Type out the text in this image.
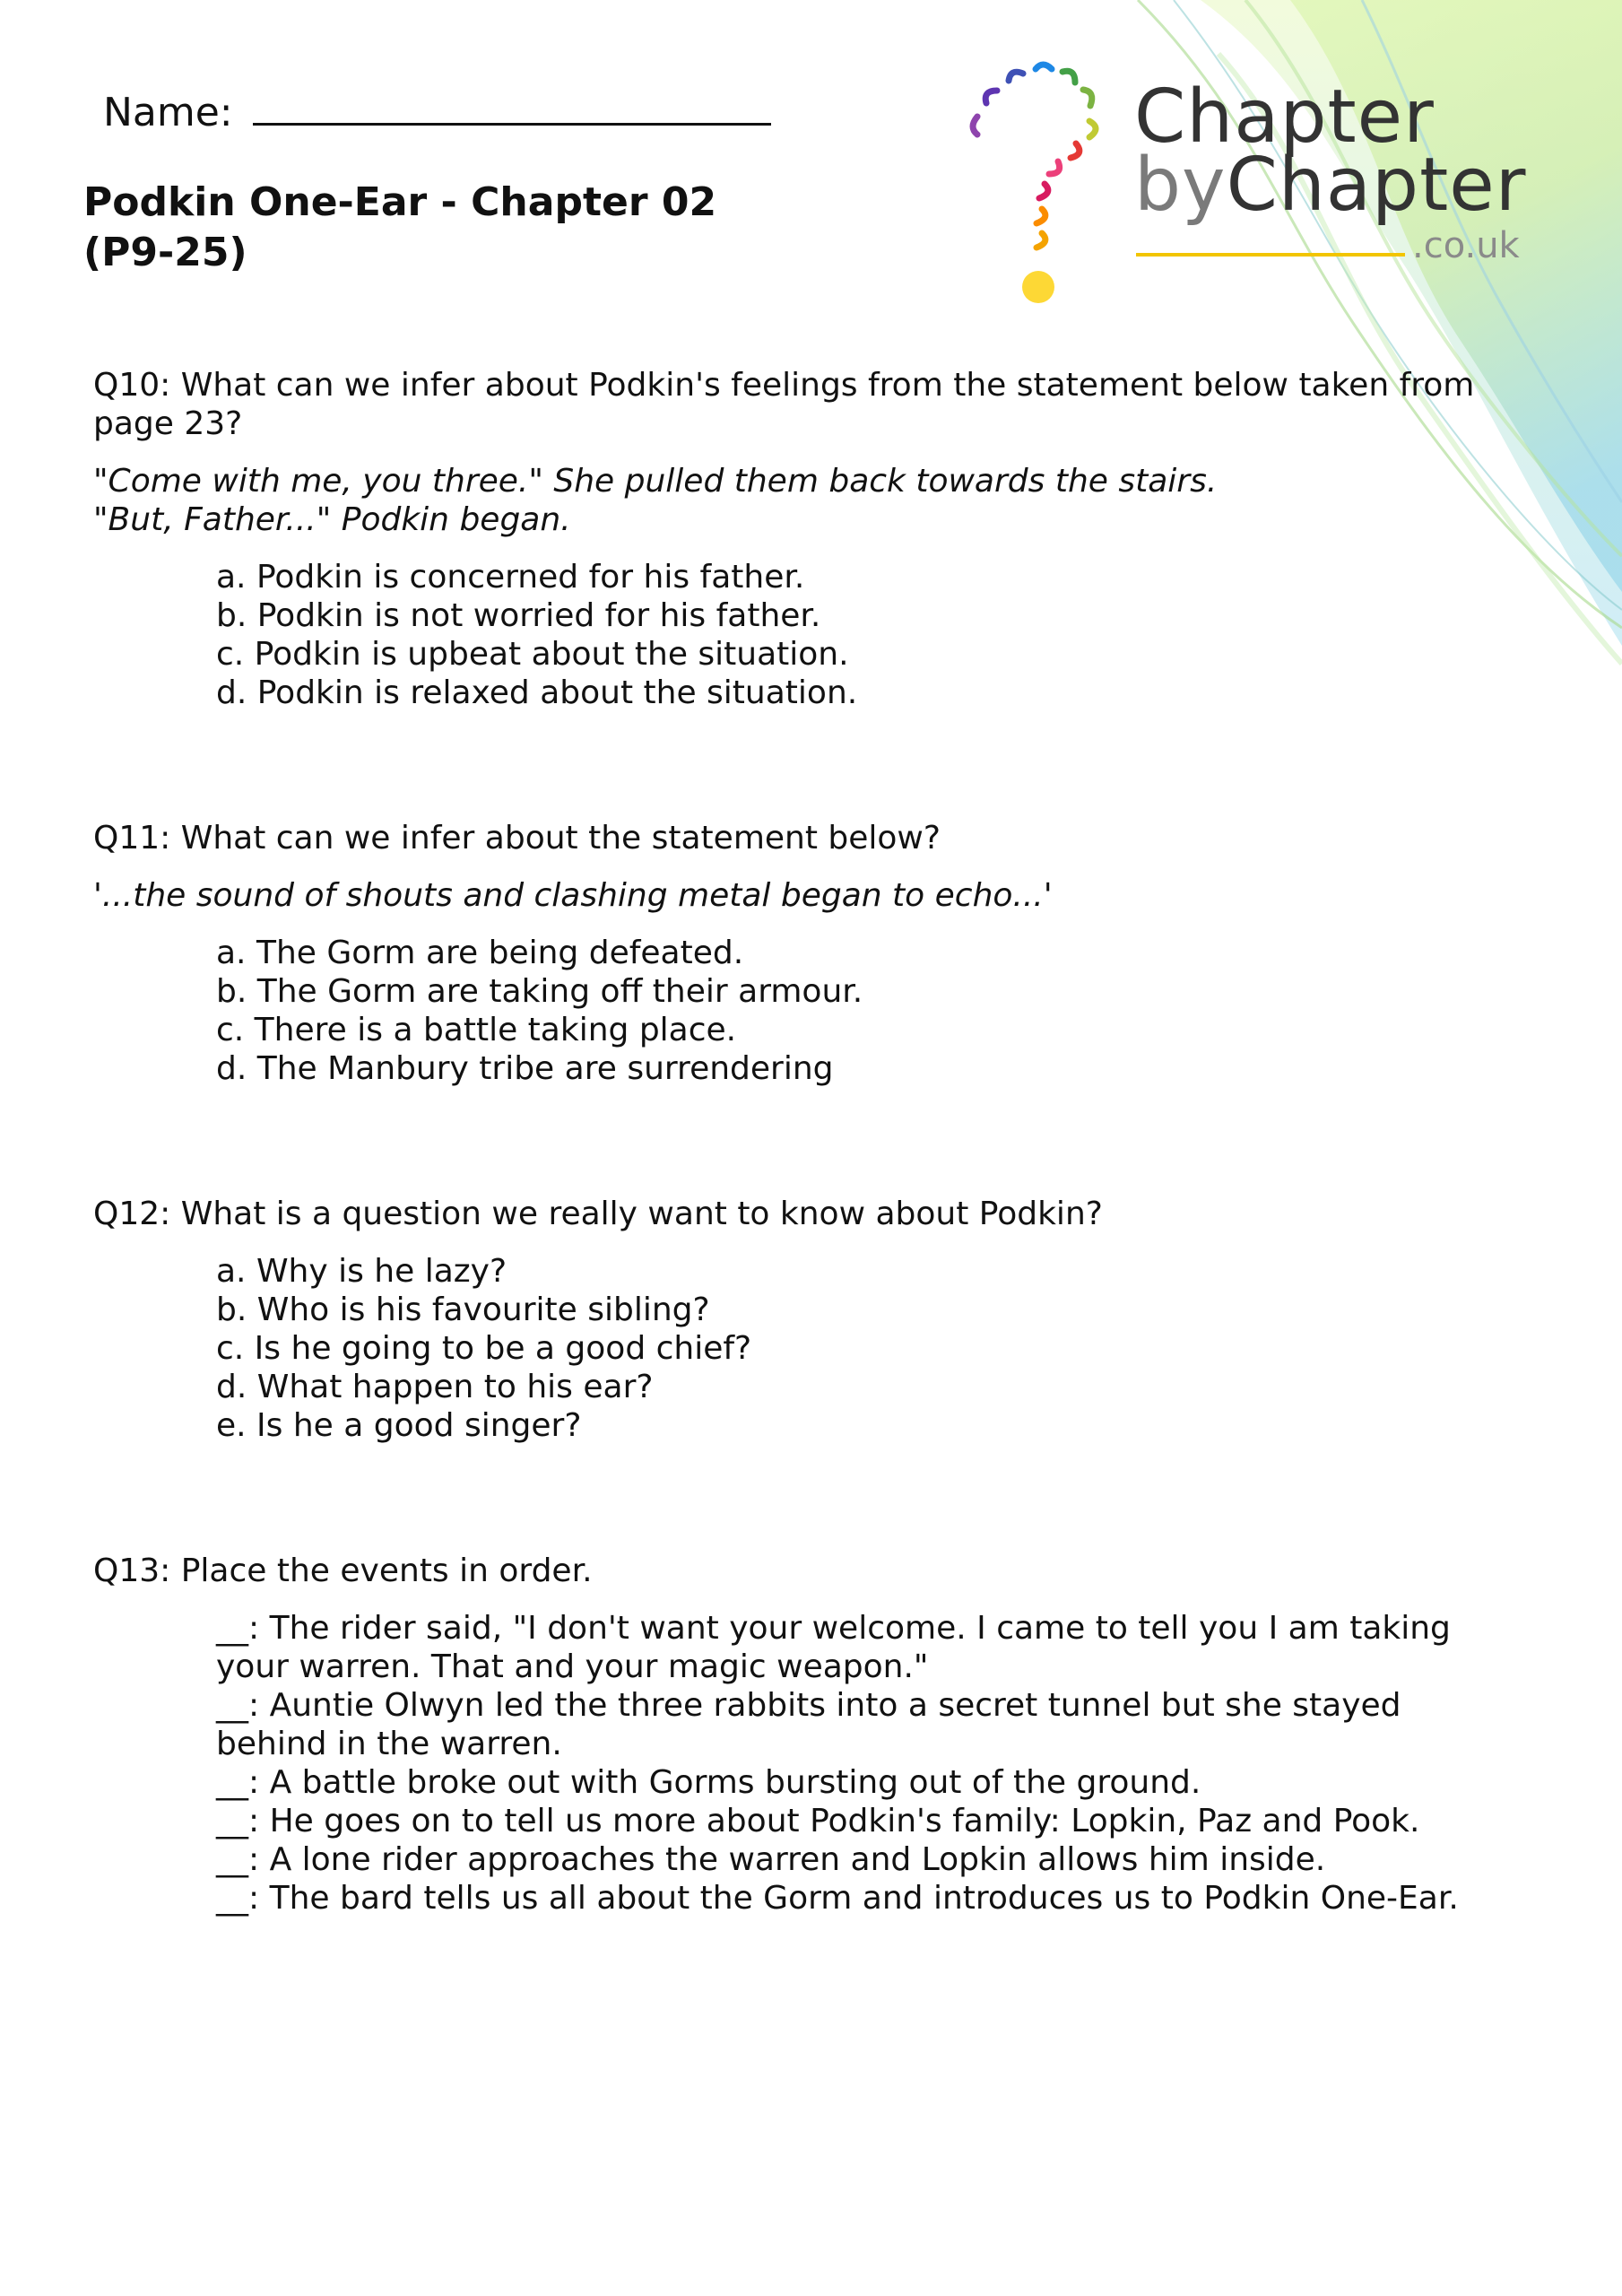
Name:
Podkin One-Ear - Chapter 02
(P9-25)
Chapter
byChapter
.co.uk

Q10: What can we infer about Podkin's feelings from the statement below taken from
page 23?

"Come with me, you three." She pulled them back towards the stairs.
"But, Father..." Podkin began.
a. Podkin is concerned for his father.
b. Podkin is not worried for his father.
c. Podkin is upbeat about the situation.
d. Podkin is relaxed about the situation.

Q11: What can we infer about the statement below?

'...the sound of shouts and clashing metal began to echo...'
a. The Gorm are being defeated.
b. The Gorm are taking off their armour.
c. There is a battle taking place.
d. The Manbury tribe are surrendering

Q12: What is a question we really want to know about Podkin?

a. Why is he lazy?
b. Who is his favourite sibling?
c. Is he going to be a good chief?
d. What happen to his ear?
e. Is he a good singer?

Q13: Place the events in order.

__: The rider said, "I don't want your welcome. I came to tell you I am taking
your warren. That and your magic weapon."
__: Auntie Olwyn led the three rabbits into a secret tunnel but she stayed
behind in the warren.
__: A battle broke out with Gorms bursting out of the ground.
__: He goes on to tell us more about Podkin's family: Lopkin, Paz and Pook.
__: A lone rider approaches the warren and Lopkin allows him inside.
__: The bard tells us all about the Gorm and introduces us to Podkin One-Ear.
